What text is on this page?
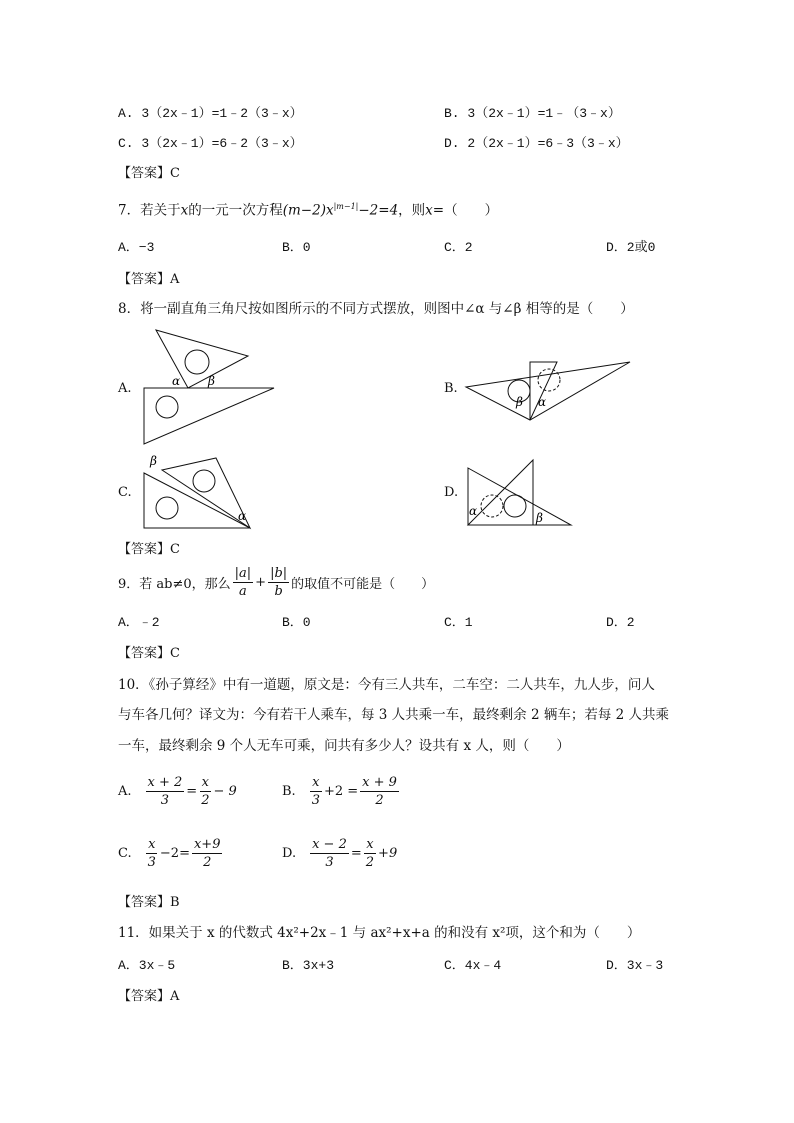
A. 3（2x﹣1）=1﹣2（3﹣x）	B. 3（2x﹣1）=1﹣（3﹣x）
C. 3（2x﹣1）=6﹣2（3﹣x）	D. 2（2x﹣1）=6﹣3（3﹣x）
【答案】C
7．若关于x的一元一次方程$(m-2)x^{|m-1|}-2=4$，则x=（　　）
A．−3	B．0	C．2	D．2或0
【答案】A
8．将一副直角三角尺按如图所示的不同方式摆放，则图中∠α 与∠β 相等的是（　　）
A.	α β	B.
β α
C.
β
α
D.
α	β
【答案】C
9．若 ab≠0，那么 $\frac{|a|}{a} + \frac{|b|}{b}$ 的取值不可能是（　　）
A．﹣2	B．0	C．1	D．2
【答案】C
10．《孙子算经》中有一道题，原文是：今有三人共车，二车空：二人共车，九人步，问人
与车各几何？译文为：今有若干人乘车，每 3 人共乘一车，最终剩余 2 辆车；若每 2 人共乘
一车，最终剩余 9 个人无车可乘，问共有多少人？设共有 x 人，则（　　）
A. $\frac{x + 2}{3} = \frac{x}{2} - 9$	B. $\frac{x}{3} +2 = \frac{x + 9}{2}$
C. $\frac{x}{3} -2= \frac{x+9}{2}$	D. $\frac{x - 2}{3} = \frac{x}{2} +9$
【答案】B
11．如果关于 x 的代数式 4x²+2x﹣1 与 ax²+x+a 的和没有 x²项，这个和为（　　）
A．3x﹣5	B．3x+3	C．4x﹣4	D．3x﹣3
【答案】A
